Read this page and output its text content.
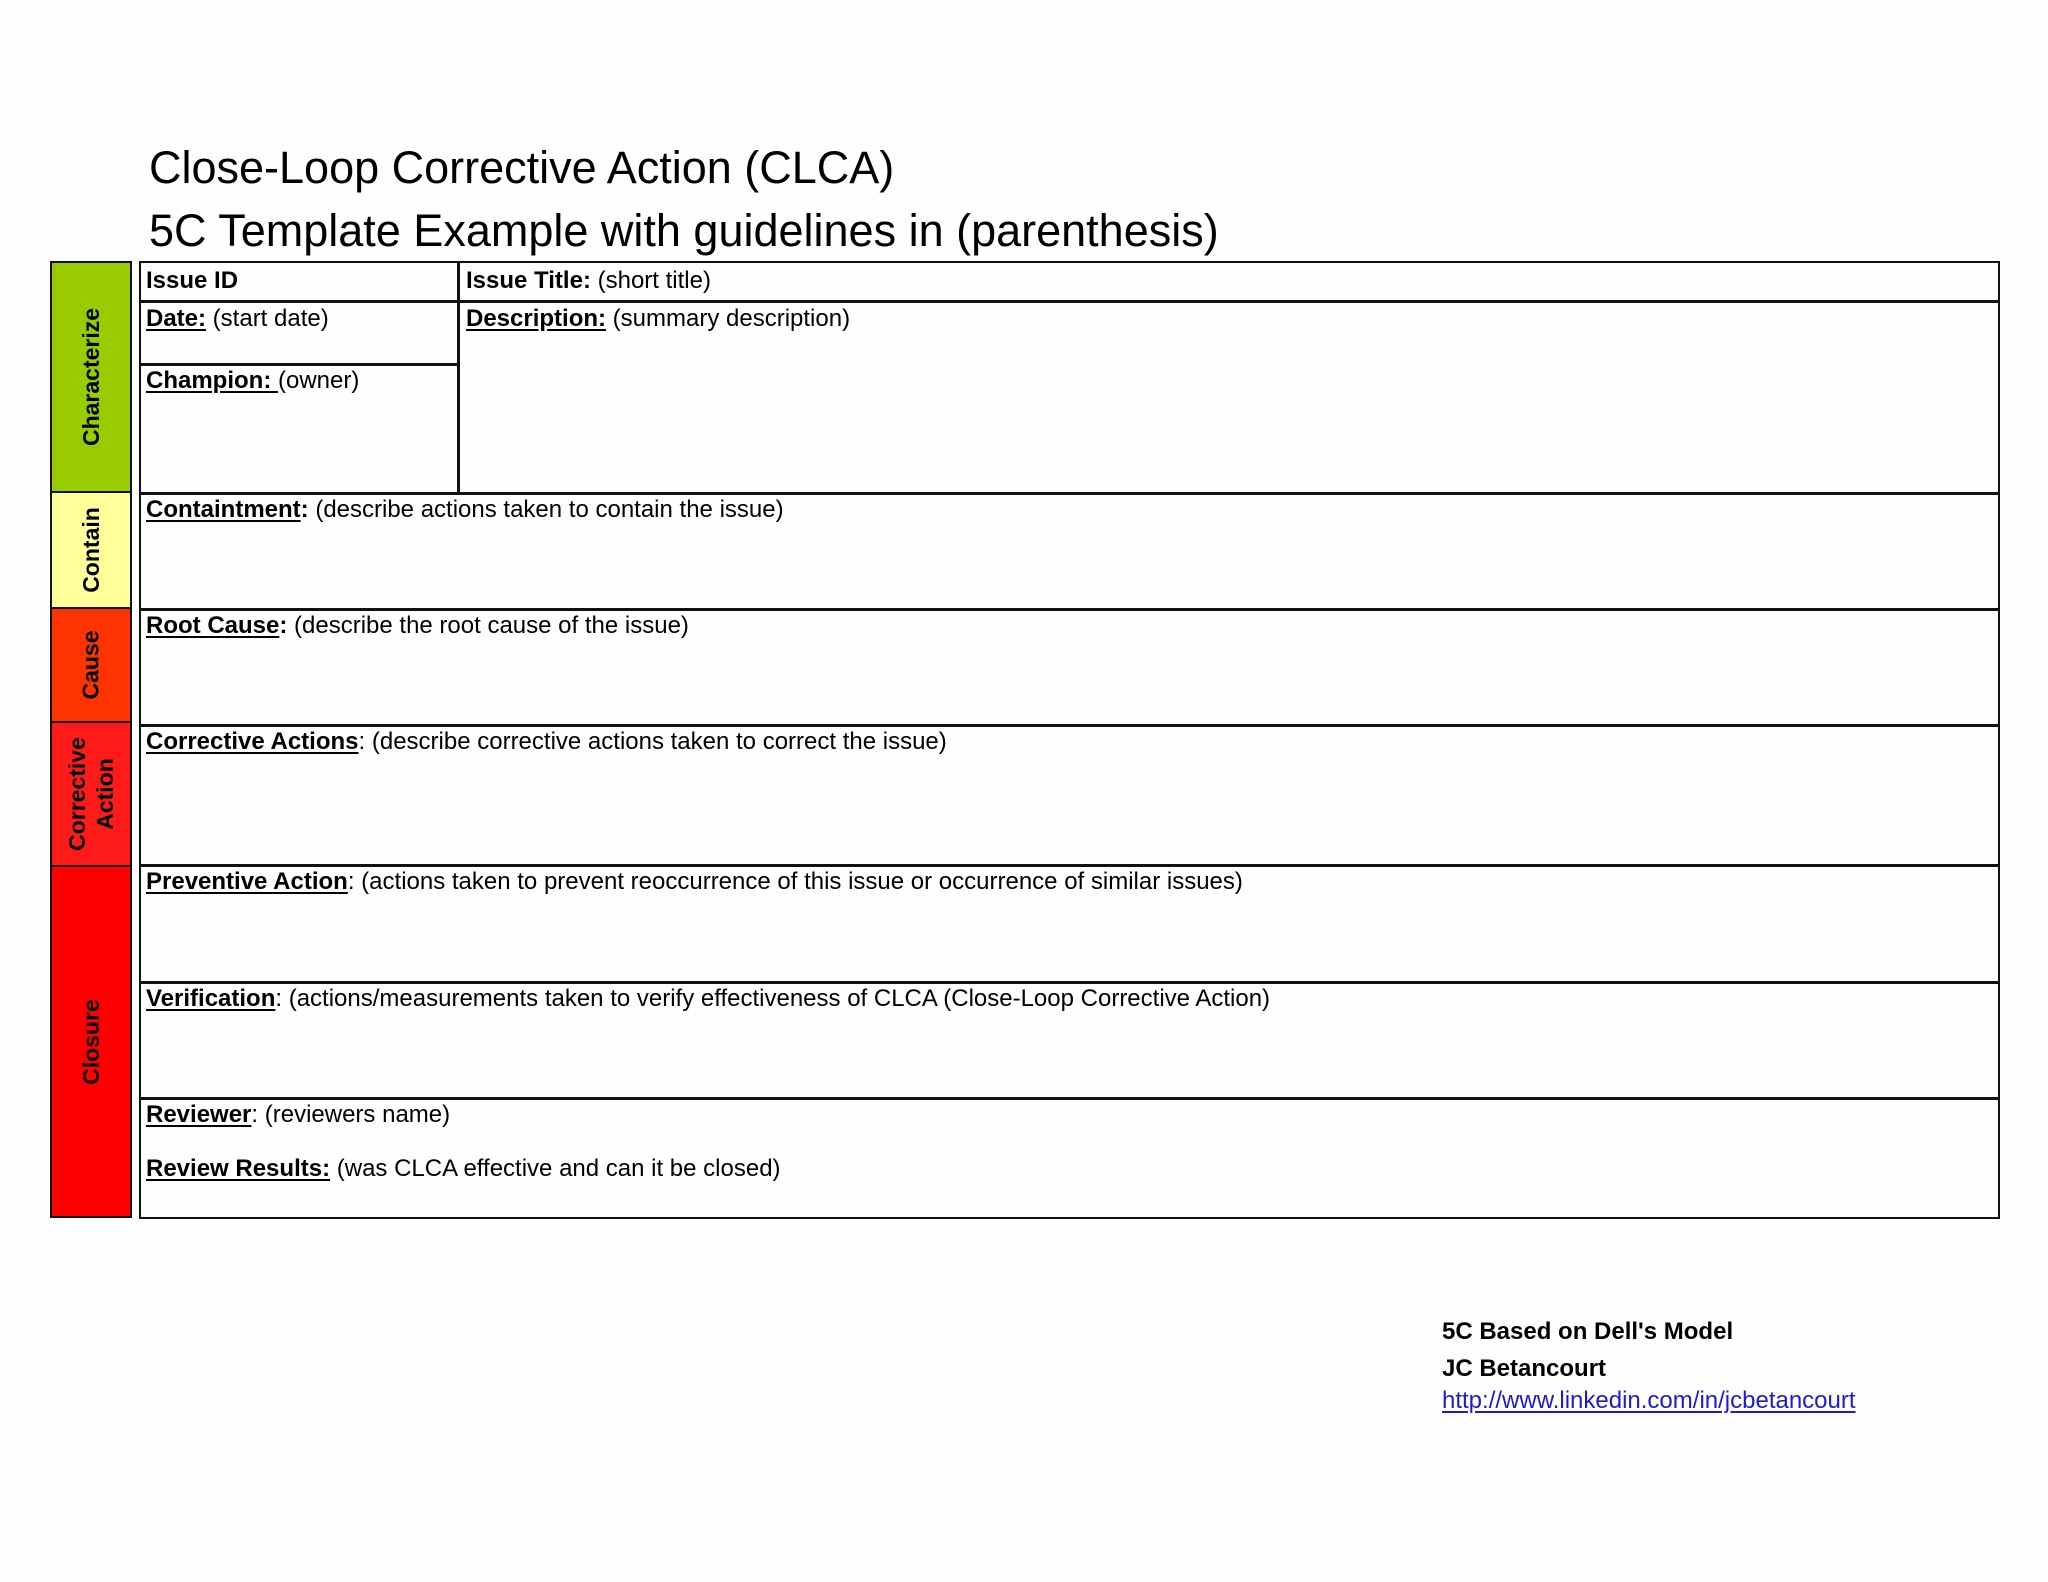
Close-Loop Corrective Action (CLCA)
5C Template Example with guidelines in (parenthesis)
Characterize
Contain
Cause
Corrective
Action
Closure
Issue ID	Issue Title: (short title)
Date: (start date)
Champion: (owner)
Description: (summary description)
Containtment: (describe actions taken to contain the issue)
Root Cause: (describe the root cause of the issue)
Corrective Actions: (describe corrective actions taken to correct the issue)
Preventive Action: (actions taken to prevent reoccurrence of this issue or occurrence of similar issues)
Verification: (actions/measurements taken to verify effectiveness of CLCA (Close-Loop Corrective Action)
Reviewer: (reviewers name)
Review Results: (was CLCA effective and can it be closed)
5C Based on Dell's Model
JC Betancourt
http://www.linkedin.com/in/jcbetancourt
